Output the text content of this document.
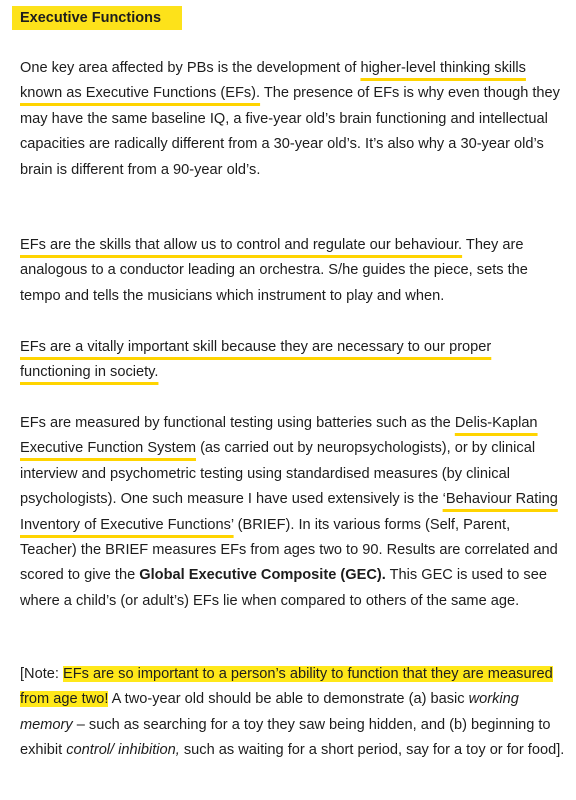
Executive Functions

One key area affected by PBs is the development of higher-level thinking skills known as Executive Functions (EFs). The presence of EFs is why even though they may have the same baseline IQ, a five-year old’s brain functioning and intellectual capacities are radically different from a 30-year old’s. It’s also why a 30-year old’s brain is different from a 90-year old’s.

EFs are the skills that allow us to control and regulate our behaviour. They are analogous to a conductor leading an orchestra. S/he guides the piece, sets the tempo and tells the musicians which instrument to play and when.

EFs are a vitally important skill because they are necessary to our proper functioning in society.

EFs are measured by functional testing using batteries such as the Delis-Kaplan Executive Function System (as carried out by neuropsychologists), or by clinical interview and psychometric testing using standardised measures (by clinical psychologists). One such measure I have used extensively is the ‘Behaviour Rating Inventory of Executive Functions’ (BRIEF). In its various forms (Self, Parent, Teacher) the BRIEF measures EFs from ages two to 90. Results are correlated and scored to give the Global Executive Composite (GEC). This GEC is used to see where a child’s (or adult’s) EFs lie when compared to others of the same age.

[Note: EFs are so important to a person’s ability to function that they are measured from age two! A two-year old should be able to demonstrate (a) basic working memory – such as searching for a toy they saw being hidden, and (b) beginning to exhibit control/ inhibition, such as waiting for a short period, say for a toy or for food].
